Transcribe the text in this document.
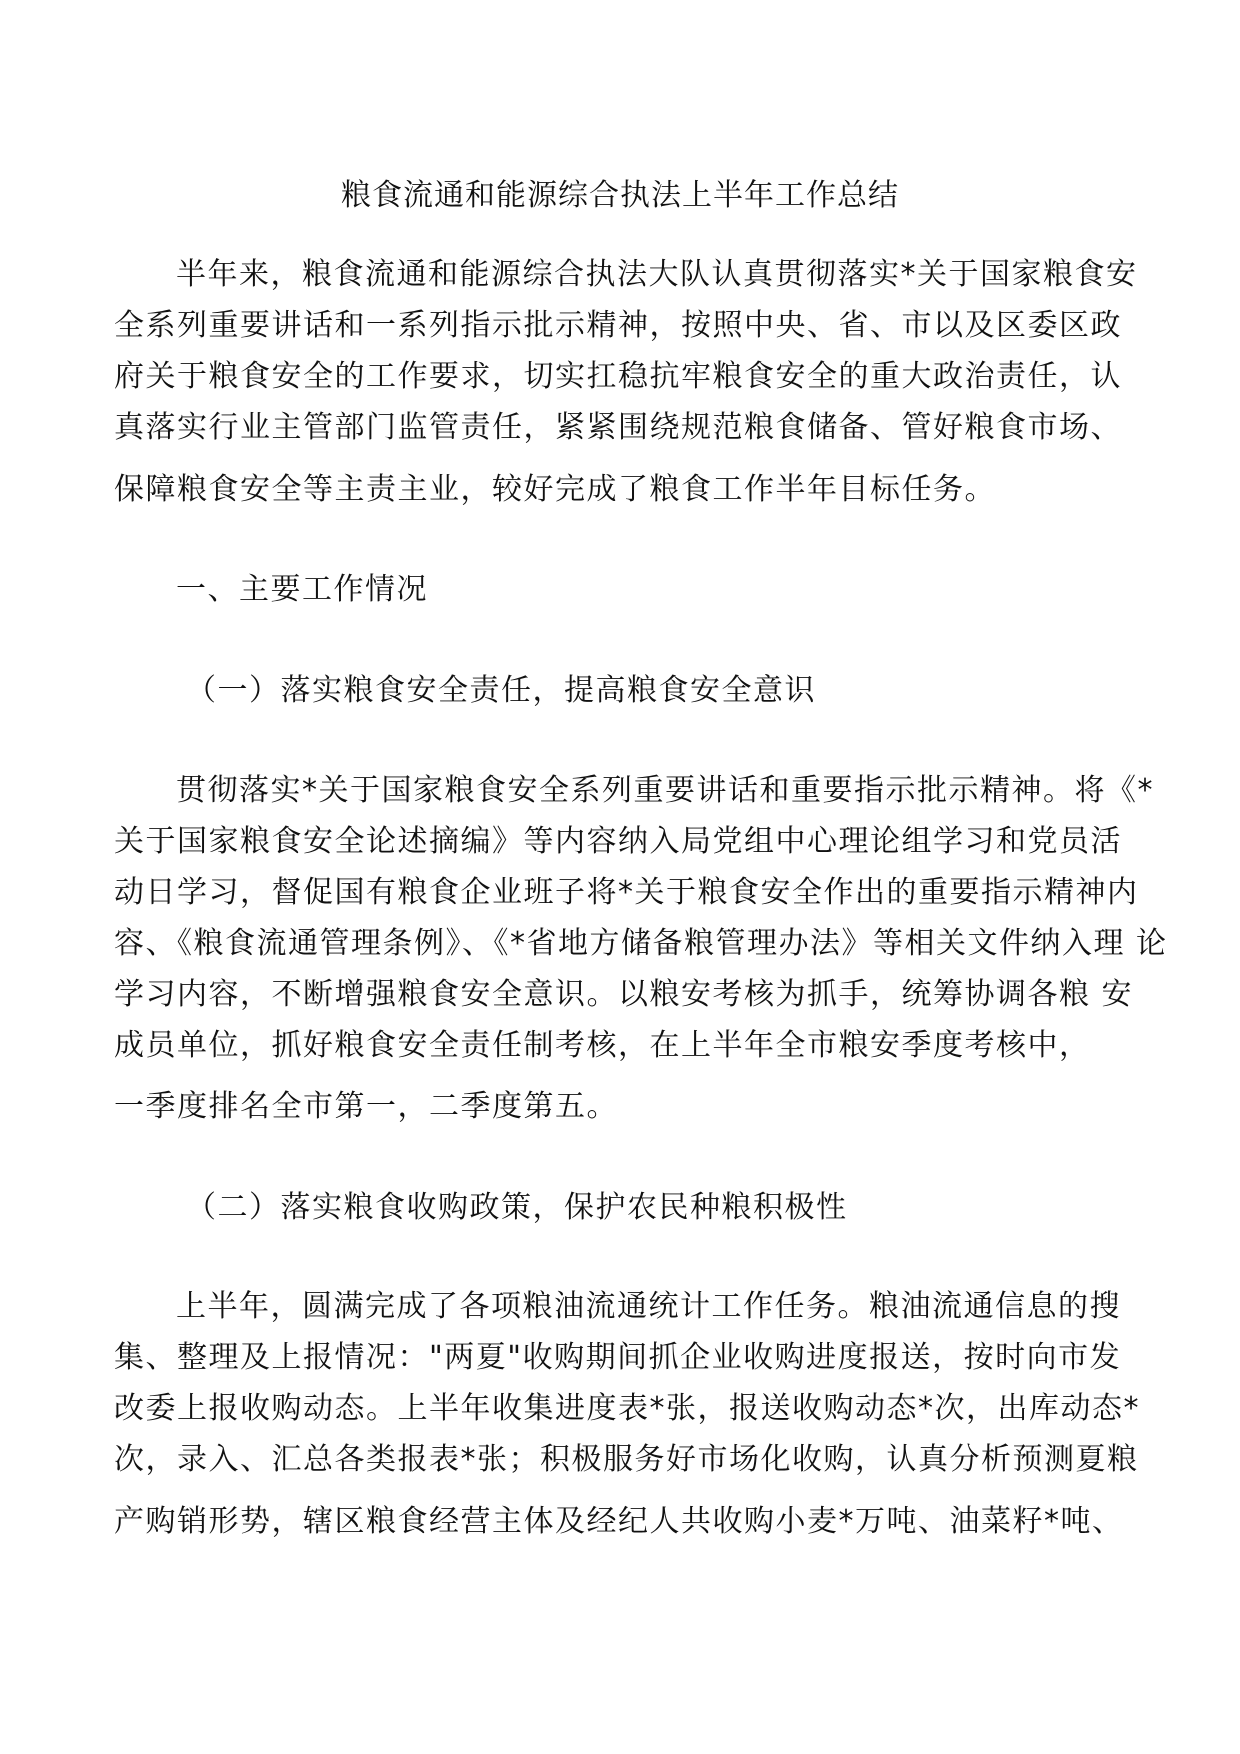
粮食流通和能源综合执法上半年工作总结
半年来，粮食流通和能源综合执法大队认真贯彻落实*关于国家粮食安
全系列重要讲话和一系列指示批示精神，按照中央、省、市以及区委区政
府关于粮食安全的工作要求，切实扛稳抗牢粮食安全的重大政治责任，认
真落实行业主管部门监管责任，紧紧围绕规范粮食储备、管好粮食市场、
保障粮食安全等主责主业，较好完成了粮食工作半年目标任务。
一、主要工作情况
（一）落实粮食安全责任，提高粮食安全意识
贯彻落实*关于国家粮食安全系列重要讲话和重要指示批示精神。将《*
关于国家粮食安全论述摘编》等内容纳入局党组中心理论组学习和党员活
动日学习，督促国有粮食企业班子将*关于粮食安全作出的重要指示精神内
容、《粮食流通管理条例》、《*省地方储备粮管理办法》等相关文件纳入理 论
学习内容，不断增强粮食安全意识。以粮安考核为抓手，统筹协调各粮 安
成员单位，抓好粮食安全责任制考核，在上半年全市粮安季度考核中，
一季度排名全市第一，二季度第五。
（二）落实粮食收购政策，保护农民种粮积极性
上半年，圆满完成了各项粮油流通统计工作任务。粮油流通信息的搜
集、整理及上报情况："两夏"收购期间抓企业收购进度报送，按时向市发
改委上报收购动态。上半年收集进度表*张，报送收购动态*次，出库动态*
次，录入、汇总各类报表*张；积极服务好市场化收购，认真分析预测夏粮
产购销形势，辖区粮食经营主体及经纪人共收购小麦*万吨、油菜籽*吨、
